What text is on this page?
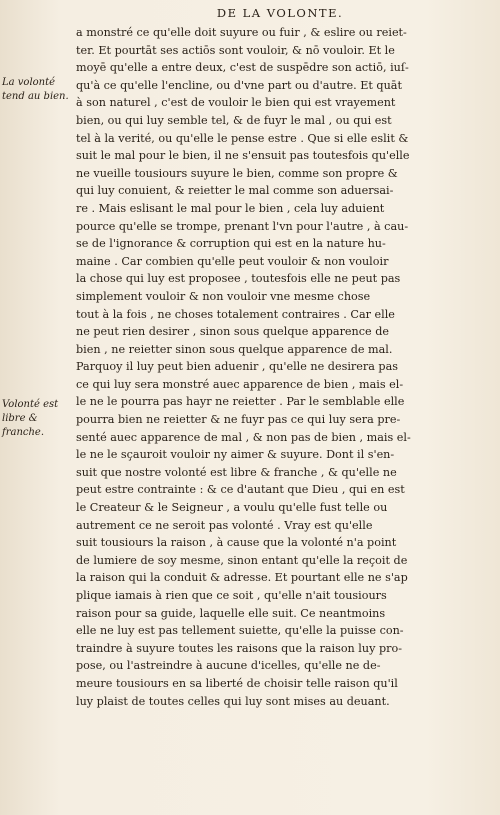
DE LA VOLONTE.
La volonté
tend au bien.
Volonté est
libre &
franche.
a monstré ce qu'elle doit suyure ou fuir , & eslire ou reiet-
ter. Et pourtāt ses actiōs sont vouloir, & nō vouloir. Et le
moyē qu'elle a entre deux, c'est de suspēdre son actiō, iuſ-
qu'à ce qu'elle l'encline, ou d'vne part ou d'autre. Et quāt
à son naturel , c'est de vouloir le bien qui est vrayement
bien, ou qui luy semble tel, & de fuyr le mal , ou qui est
tel à la verité, ou qu'elle le pense estre . Que si elle eslit &
suit le mal pour le bien, il ne s'ensuit pas toutesfois qu'elle
ne vueille tousiours suyure le bien, comme son propre &
qui luy conuient, & reietter le mal comme son aduersai-
re . Mais eslisant le mal pour le bien , cela luy aduient
pource qu'elle se trompe, prenant l'vn pour l'autre , à cau-
se de l'ignorance & corruption qui est en la nature hu-
maine . Car combien qu'elle peut vouloir & non vouloir
la chose qui luy est proposee , toutesfois elle ne peut pas
simplement vouloir & non vouloir vne mesme chose
tout à la fois , ne choses totalement contraires . Car elle
ne peut rien desirer , sinon sous quelque apparence de
bien , ne reietter sinon sous quelque apparence de mal.
Parquoy il luy peut bien aduenir , qu'elle ne desirera pas
ce qui luy sera monstré auec apparence de bien , mais el-
le ne le pourra pas hayr ne reietter . Par le semblable elle
pourra bien ne reietter & ne fuyr pas ce qui luy sera pre-
senté auec apparence de mal , & non pas de bien , mais el-
le ne le sçauroit vouloir ny aimer & suyure. Dont il s'en-
suit que nostre volonté est libre & franche , & qu'elle ne
peut estre contrainte : & ce d'autant que Dieu , qui en est
le Createur & le Seigneur , a voulu qu'elle fust telle ou
autrement ce ne seroit pas volonté . Vray est qu'elle
suit tousiours la raison , à cause que la volonté n'a point
de lumiere de soy mesme, sinon entant qu'elle la reçoit de
la raison qui la conduit & adresse. Et pourtant elle ne s'ap
plique iamais à rien que ce soit , qu'elle n'ait tousiours
raison pour sa guide, laquelle elle suit. Ce neantmoins
elle ne luy est pas tellement suiette, qu'elle la puisse con-
traindre à suyure toutes les raisons que la raison luy pro-
pose, ou l'astreindre à aucune d'icelles, qu'elle ne de-
meure tousiours en sa liberté de choisir telle raison qu'il
luy plaist de toutes celles qui luy sont mises au deuant.
